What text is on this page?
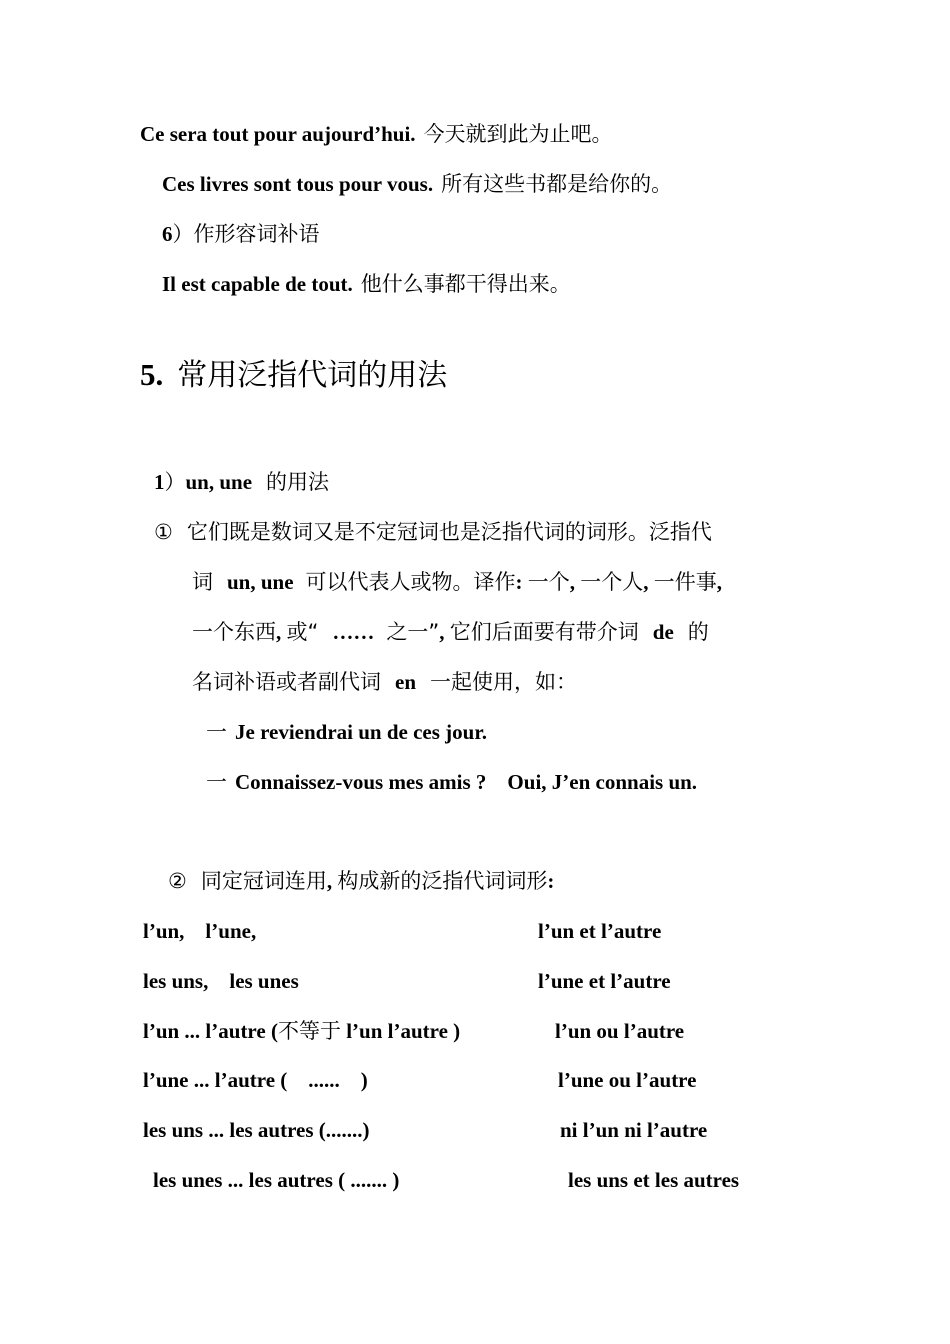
Ce sera tout pour aujourd’hui. 今天就到此为止吧。
Ces livres sont tous pour vous. 所有这些书都是给你的。
6）作形容词补语
Il est capable de tout. 他什么事都干得出来。
5. 常用泛指代词的用法
1）un, une 的用法
① 它们既是数词又是不定冠词也是泛指代词的词形。泛指代
词 un, une 可以代表人或物。译作: 一个, 一个人, 一件事,
一个东西, 或“ …… 之一”, 它们后面要有带介词 de 的
名词补语或者副代词 en 一起使用，如：
一 Je reviendrai un de ces jour.
一 Connaissez-vous mes amis ?    Oui, J’en connais un.
② 同定冠词连用, 构成新的泛指代词词形:
l’un,    l’une,	l’un et l’autre
les uns,    les unes	l’une et l’autre
l’un ... l’autre (不等于 l’un l’autre )	l’un ou l’autre
l’une ... l’autre (    ......    )	l’une ou l’autre
les uns ... les autres (.......)	ni l’un ni l’autre
les unes ... les autres ( ....... )	les uns et les autres
